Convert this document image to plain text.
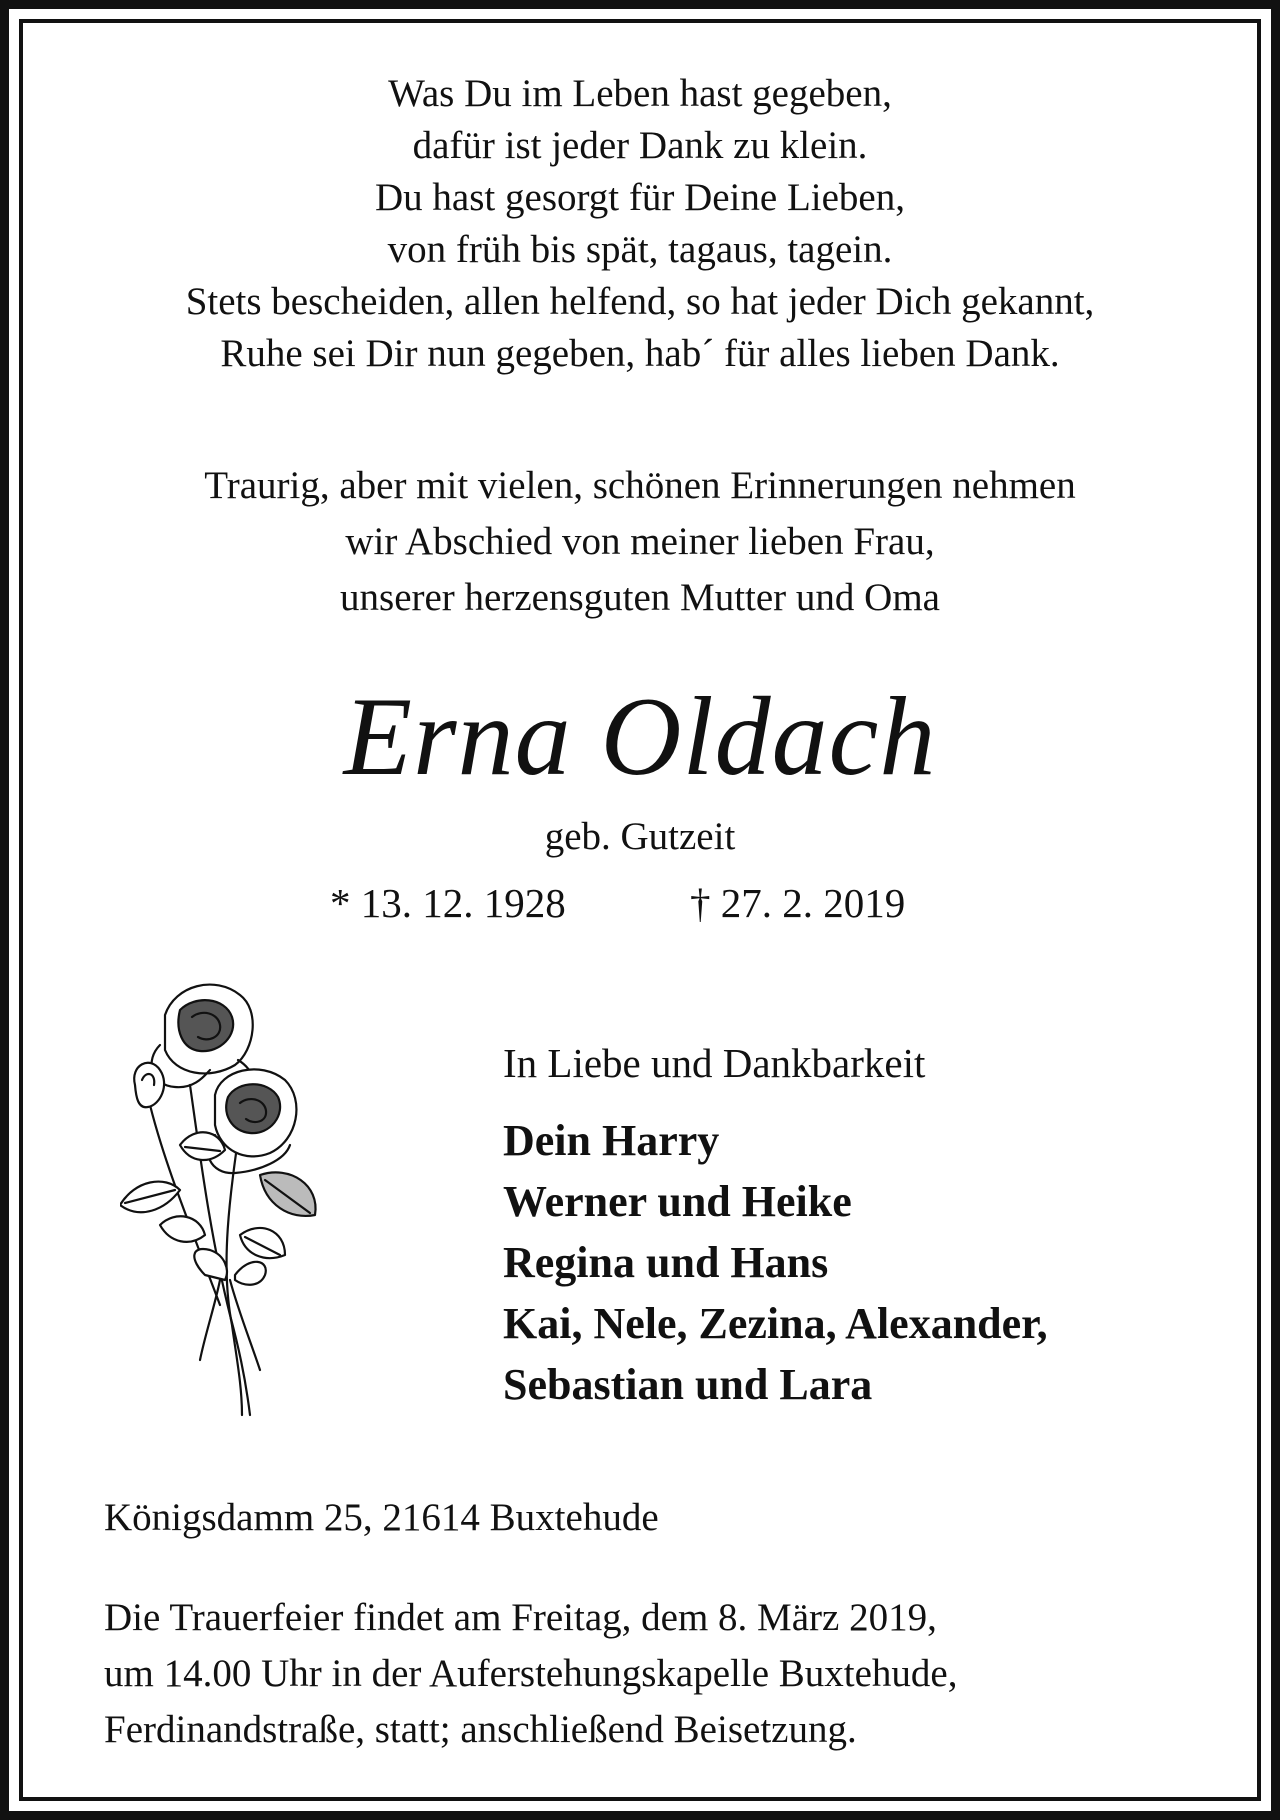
Was Du im Leben hast gegeben,
dafür ist jeder Dank zu klein.
Du hast gesorgt für Deine Lieben,
von früh bis spät, tagaus, tagein.
Stets bescheiden, allen helfend, so hat jeder Dich gekannt,
Ruhe sei Dir nun gegeben, hab´ für alles lieben Dank.
Traurig, aber mit vielen, schönen Erinnerungen nehmen
wir Abschied von meiner lieben Frau,
unserer herzensguten Mutter und Oma
Erna Oldach
geb. Gutzeit
* 13. 12. 1928	† 27. 2. 2019
In Liebe und Dankbarkeit
Dein Harry
Werner und Heike
Regina und Hans
Kai, Nele, Zezina, Alexander,
Sebastian und Lara
Königsdamm 25, 21614 Buxtehude
Die Trauerfeier findet am Freitag, dem 8. März 2019,
um 14.00 Uhr in der Auferstehungskapelle Buxtehude,
Ferdinandstraße, statt; anschließend Beisetzung.
